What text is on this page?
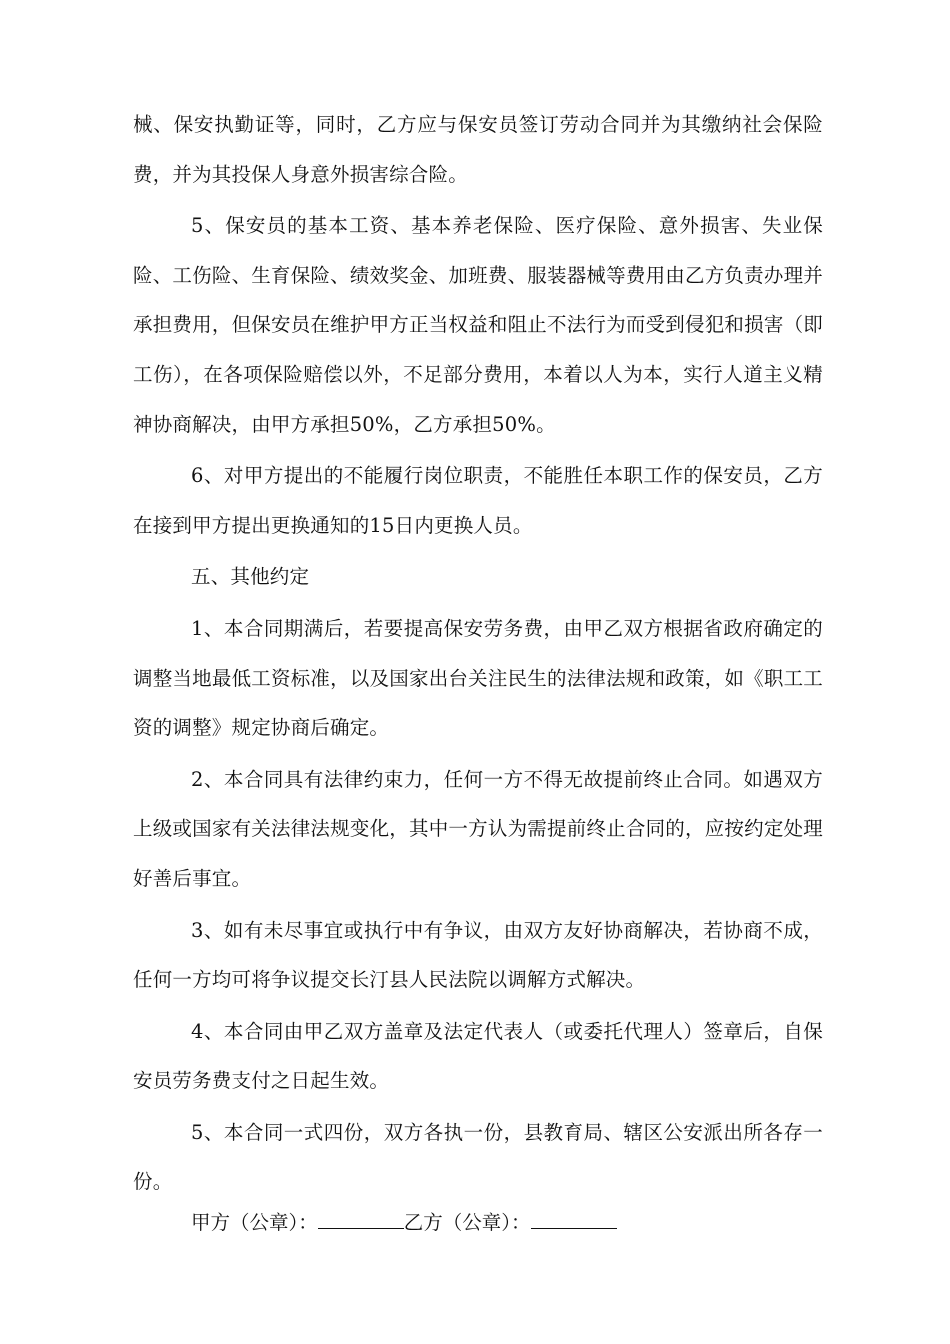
械、保安执勤证等，同时，乙方应与保安员签订劳动合同并为其缴纳社会保险费，并为其投保人身意外损害综合险。

5、保安员的基本工资、基本养老保险、医疗保险、意外损害、失业保险、工伤险、生育保险、绩效奖金、加班费、服装器械等费用由乙方负责办理并承担费用，但保安员在维护甲方正当权益和阻止不法行为而受到侵犯和损害（即工伤），在各项保险赔偿以外，不足部分费用，本着以人为本，实行人道主义精神协商解决，由甲方承担50%，乙方承担50%。

6、对甲方提出的不能履行岗位职责，不能胜任本职工作的保安员，乙方在接到甲方提出更换通知的15日内更换人员。

五、其他约定

1、本合同期满后，若要提高保安劳务费，由甲乙双方根据省政府确定的调整当地最低工资标准，以及国家出台关注民生的法律法规和政策，如《职工工资的调整》规定协商后确定。

2、本合同具有法律约束力，任何一方不得无故提前终止合同。如遇双方上级或国家有关法律法规变化，其中一方认为需提前终止合同的，应按约定处理好善后事宜。

3、如有未尽事宜或执行中有争议，由双方友好协商解决，若协商不成，任何一方均可将争议提交长汀县人民法院以调解方式解决。

4、本合同由甲乙双方盖章及法定代表人（或委托代理人）签章后，自保安员劳务费支付之日起生效。

5、本合同一式四份，双方各执一份，县教育局、辖区公安派出所各存一份。

甲方（公章）：	乙方（公章）：
